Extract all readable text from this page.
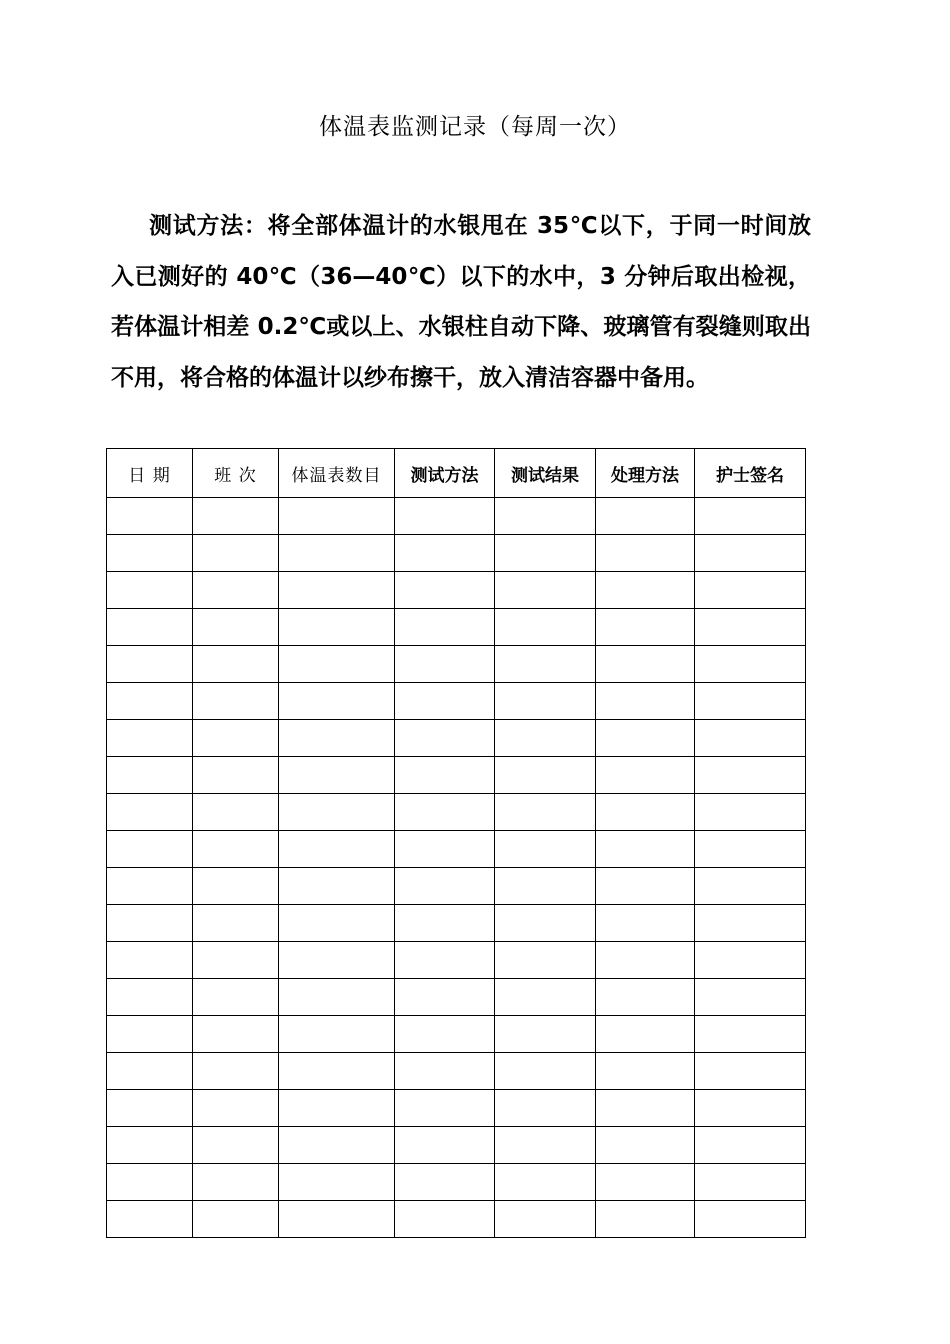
体温表监测记录（每周一次）

测试方法：将全部体温计的水银甩在 35℃以下，于同一时间放入已测好的 40℃（36—40℃）以下的水中，3 分钟后取出检视，若体温计相差 0.2℃或以上、水银柱自动下降、玻璃管有裂缝则取出不用，将合格的体温计以纱布擦干，放入清洁容器中备用。

日 期	班 次	体温表数目	测试方法	测试结果	处理方法	护士签名
